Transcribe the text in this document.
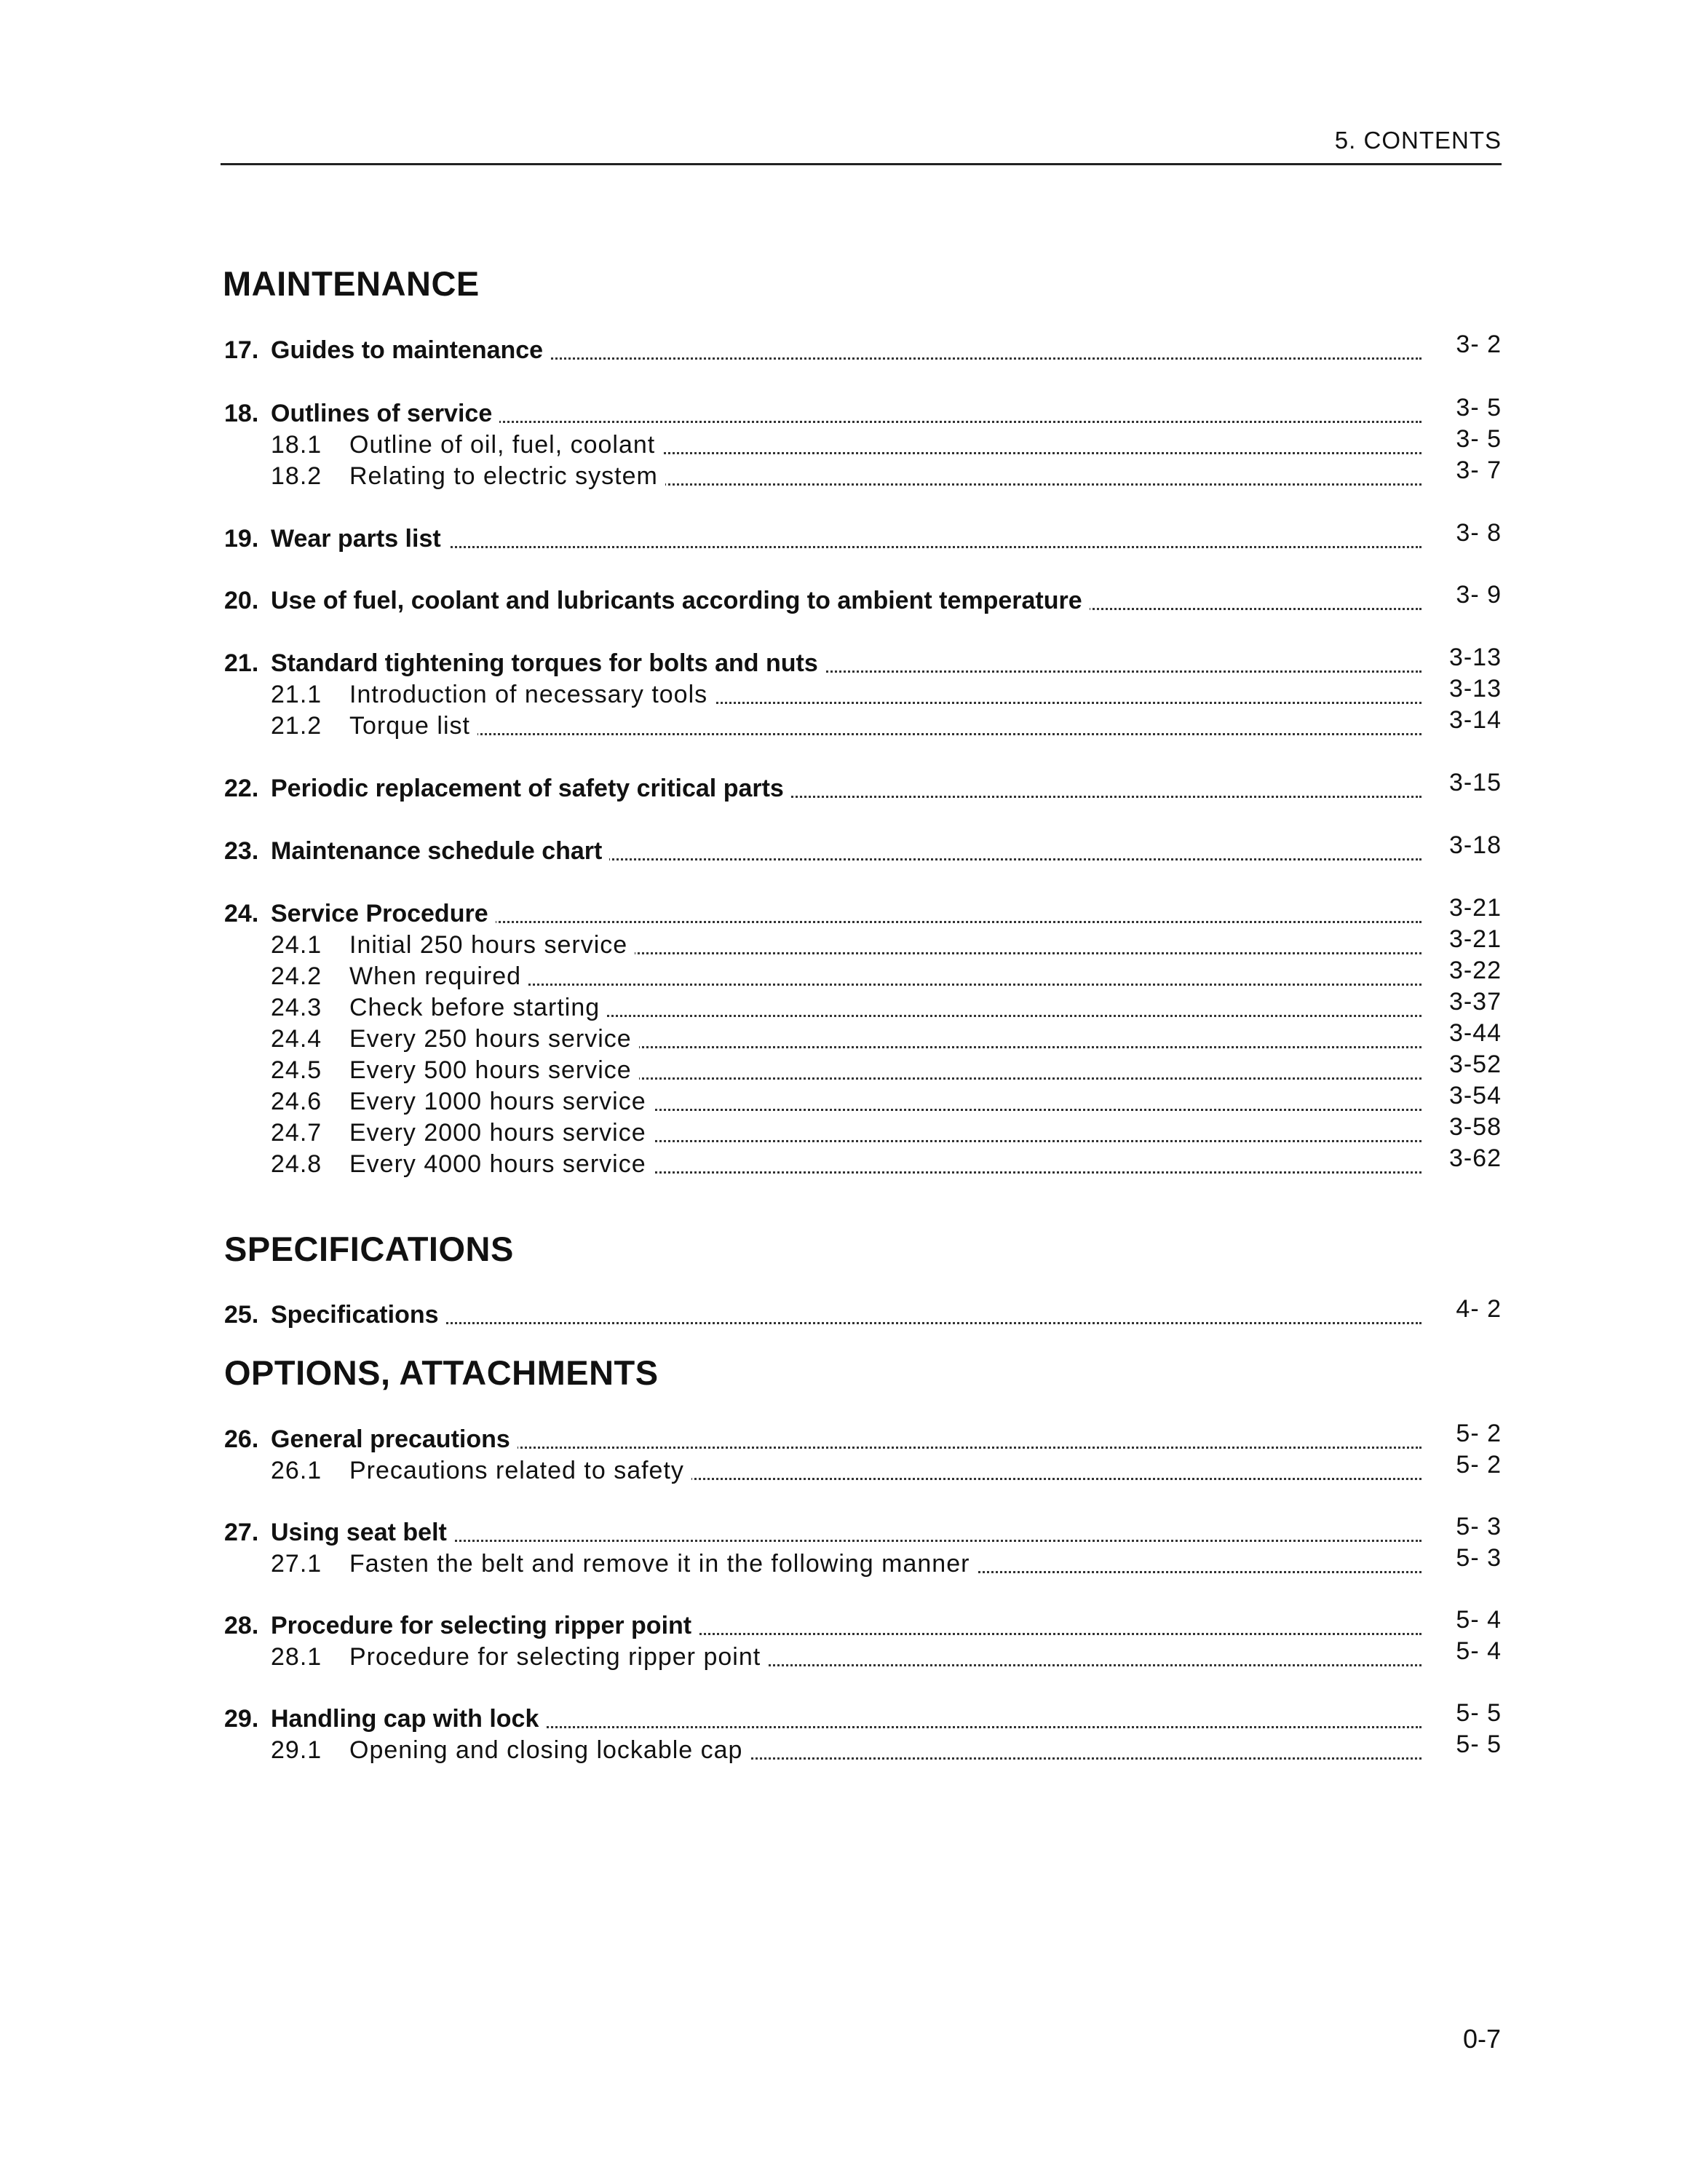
5. CONTENTS
MAINTENANCE
17. Guides to maintenance	3- 2
18. Outlines of service	3- 5
18.1 Outline of oil, fuel, coolant	3- 5
18.2 Relating to electric system	3- 7
19. Wear parts list	3- 8
20. Use of fuel, coolant and lubricants according to ambient temperature	3- 9
21. Standard tightening torques for bolts and nuts	3-13
21.1 Introduction of necessary tools	3-13
21.2 Torque list	3-14
22. Periodic replacement of safety critical parts	3-15
23. Maintenance schedule chart	3-18
24. Service Procedure	3-21
24.1 Initial 250 hours service	3-21
24.2 When required	3-22
24.3 Check before starting	3-37
24.4 Every 250 hours service	3-44
24.5 Every 500 hours service	3-52
24.6 Every 1000 hours service	3-54
24.7 Every 2000 hours service	3-58
24.8 Every 4000 hours service	3-62
SPECIFICATIONS
25. Specifications	4- 2
OPTIONS, ATTACHMENTS
26. General precautions	5- 2
26.1 Precautions related to safety	5- 2
27. Using seat belt	5- 3
27.1 Fasten the belt and remove it in the following manner	5- 3
28. Procedure for selecting ripper point	5- 4
28.1 Procedure for selecting ripper point	5- 4
29. Handling cap with lock	5- 5
29.1 Opening and closing lockable cap	5- 5
0-7
